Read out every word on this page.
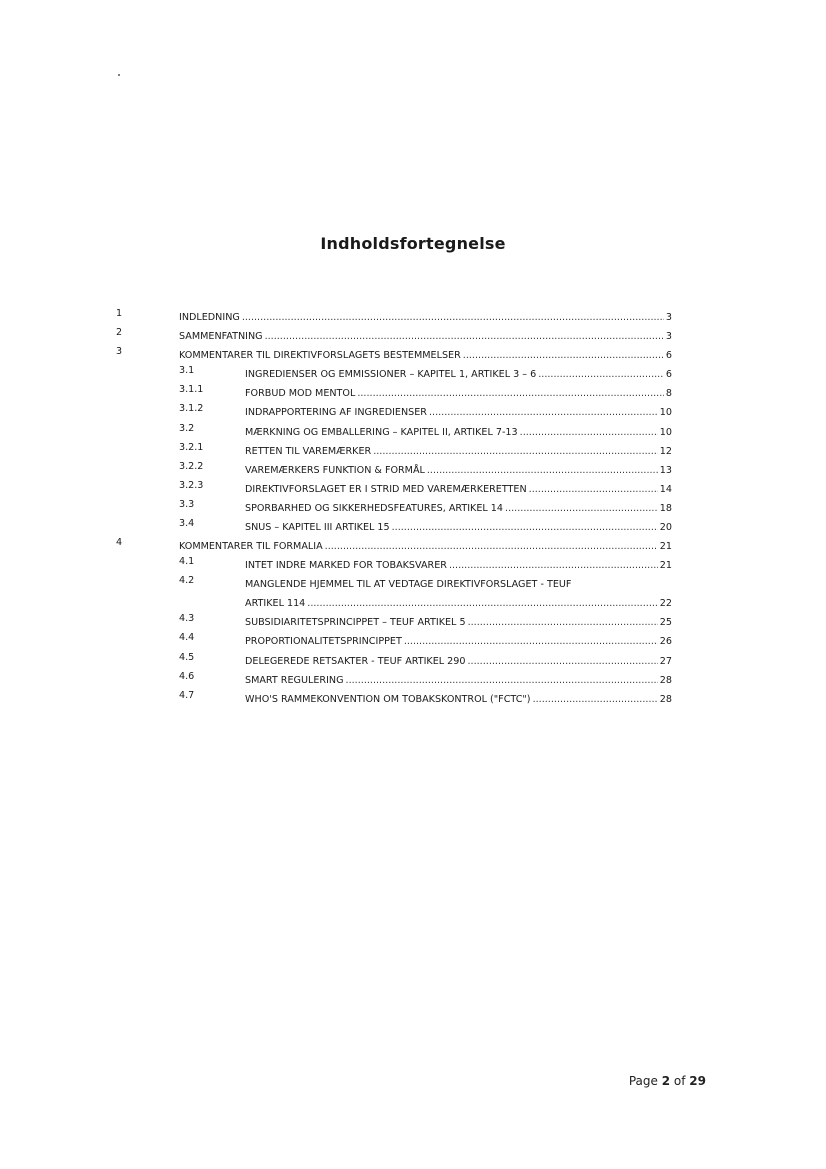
Indholdsfortegnelse
1	INDLEDNING .....	3
2	SAMMENFATNING .....	3
3	KOMMENTARER TIL DIREKTIVFORSLAGETS BESTEMMELSER .....	6
3.1	INGREDIENSER OG EMMISSIONER – KAPITEL 1, ARTIKEL 3 – 6 .....	6
3.1.1	FORBUD MOD MENTOL .....	8
3.1.2	INDRAPPORTERING AF INGREDIENSER .....	10
3.2	MÆRKNING OG EMBALLERING – KAPITEL II, ARTIKEL 7-13 .....	10
3.2.1	RETTEN TIL VAREMÆRKER .....	12
3.2.2	VAREMÆRKERS FUNKTION & FORMÅL .....	13
3.2.3	DIREKTIVFORSLAGET ER I STRID MED VAREMÆRKERETTEN .....	14
3.3	SPORBARHED OG SIKKERHEDSFEATURES, ARTIKEL 14 .....	18
3.4	SNUS – KAPITEL III ARTIKEL 15 .....	20
4	KOMMENTARER TIL FORMALIA .....	21
4.1	INTET INDRE MARKED FOR TOBAKSVARER .....	21
4.2	MANGLENDE HJEMMEL TIL AT VEDTAGE DIREKTIVFORSLAGET - TEUF
ARTIKEL 114 .....	22
4.3	SUBSIDIARITETSPRINCIPPET – TEUF ARTIKEL 5 .....	25
4.4	PROPORTIONALITETSPRINCIPPET .....	26
4.5	DELEGEREDE RETSAKTER - TEUF ARTIKEL 290 .....	27
4.6	SMART REGULERING .....	28
4.7	WHO'S RAMMEKONVENTION OM TOBAKSKONTROL ("FCTC") .....	28
Page 2 of 29
